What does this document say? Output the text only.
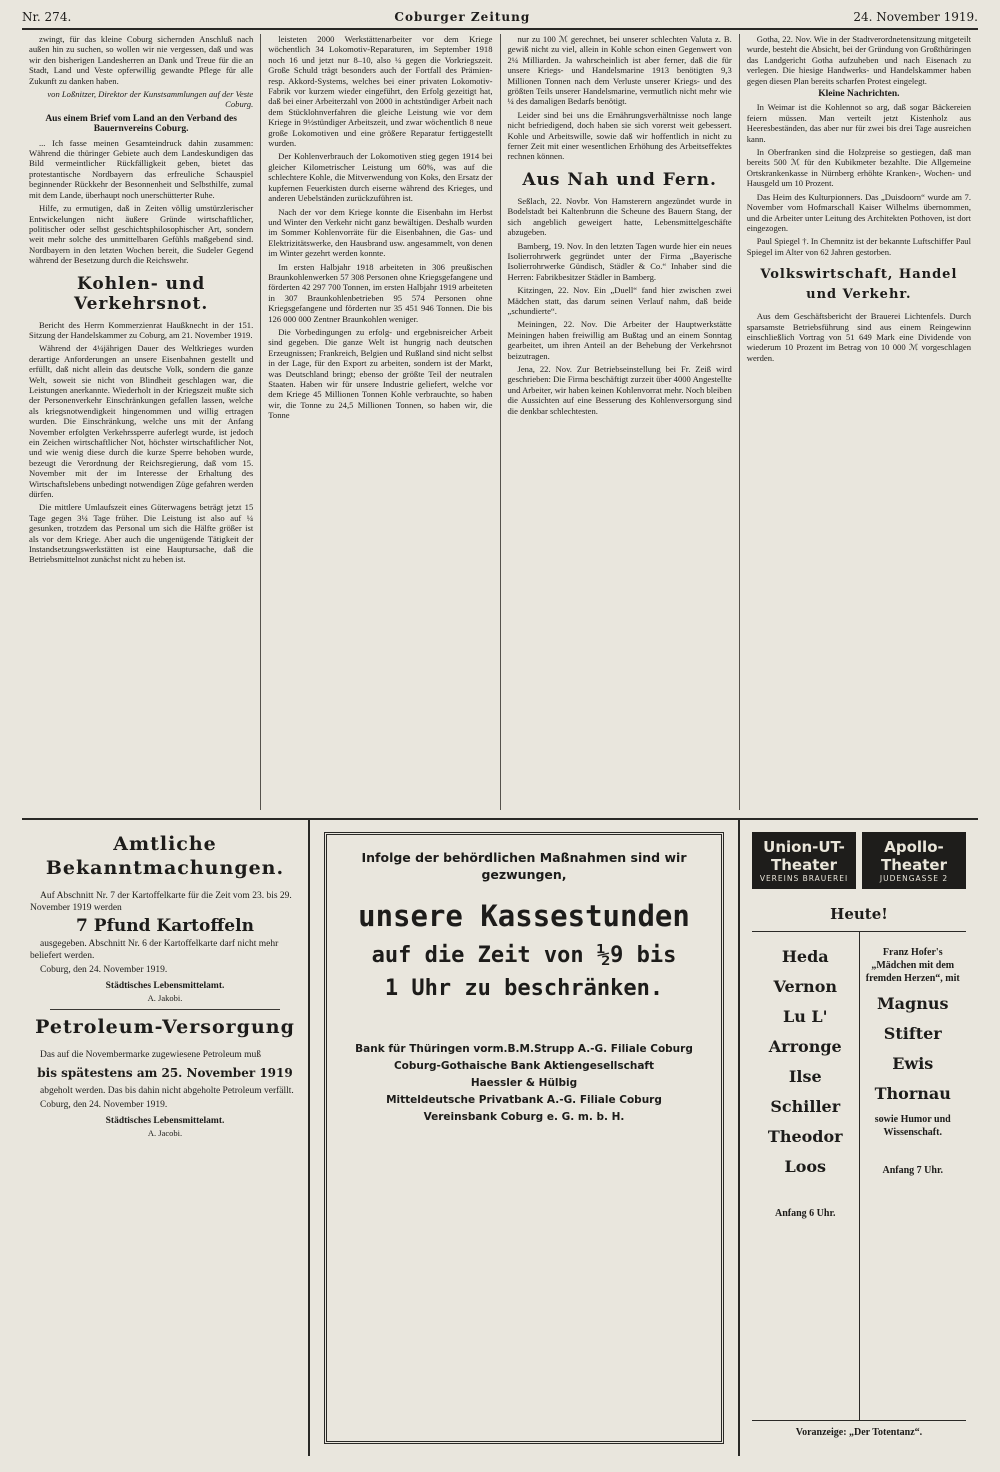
Nr. 274.	Coburger Zeitung	24. November 1919.

zwingt, für das kleine Coburg sichernden Anschluß nach außen hin zu suchen, so wollen wir nie vergessen, daß und was wir den bisherigen Landesherren an Dank und Treue für die an Stadt, Land und Veste opferwillig gewandte Pflege für alle Zukunft zu danken haben.

von Loßnitzer, Direktor der Kunstsammlungen auf der Veste Coburg.
Aus einem Brief vom Land an den Verband des Bauernvereins Coburg.

... Ich fasse meinen Gesamteindruck dahin zusammen: Während die thüringer Gebiete auch dem Landeskundigen das Bild vermeintlicher Rückfälligkeit geben, bietet das protestantische Nordbayern das erfreuliche Schauspiel beginnender Rückkehr der Besonnenheit und Selbsthilfe, zumal mit dem Lande, überhaupt noch unerschütterter Ruhe.

Hilfe, zu ermutigen, daß in Zeiten völlig umstürzlerischer Entwickelungen nicht äußere Gründe wirtschaftlicher, politischer oder selbst geschichtsphilosophischer Art, sondern weit mehr solche des unmittelbaren Gefühls maßgebend sind. Nordbayern in den letzten Wochen bereit, die Sudeler Gegend während der Besetzung durch die Reichswehr.

Kohlen- und Verkehrsnot.

Bericht des Herrn Kommerzienrat Haußknecht in der 151. Sitzung der Handelskammer zu Coburg, am 21. November 1919.

Während der 4¼jährigen Dauer des Weltkrieges wurden derartige Anforderungen an unsere Eisenbahnen gestellt und erfüllt, daß nicht allein das deutsche Volk, sondern die ganze Welt, soweit sie nicht von Blindheit geschlagen war, die Leistungen anerkannte. Wiederholt in der Kriegszeit mußte sich der Personenverkehr Einschränkungen gefallen lassen, welche als kriegsnotwendigkeit hingenommen und willig ertragen wurden. Die Einschränkung, welche uns mit der Anfang November erfolgten Verkehrssperre auferlegt wurde, ist jedoch ein Zeichen wirtschaftlicher Not, höchster wirtschaftlicher Not, und wie wenig diese durch die kurze Sperre behoben wurde, bezeugt die Verordnung der Reichsregierung, daß vom 15. November mit der im Interesse der Erhaltung des Wirtschaftslebens unbedingt notwendigen Züge gefahren werden dürfen.

Die mittlere Umlaufszeit eines Güterwagens beträgt jetzt 15 Tage gegen 3¼ Tage früher. Die Leistung ist also auf ¼ gesunken, trotzdem das Personal um sich die Hälfte größer ist als vor dem Kriege. Aber auch die ungenügende Tätigkeit der Instandsetzungswerkstätten ist eine Hauptursache, daß die Betriebsmittelnot zunächst nicht zu heben ist.

leisteten 2000 Werkstättenarbeiter vor dem Kriege wöchentlich 34 Lokomotiv-Reparaturen, im September 1918 noch 16 und jetzt nur 8–10, also ¼ gegen die Vorkriegszeit. Große Schuld trägt besonders auch der Fortfall des Prämien- resp. Akkord-Systems, welches bei einer privaten Lokomotiv-Fabrik vor kurzem wieder eingeführt, den Erfolg gezeitigt hat, daß bei einer Arbeiterzahl von 2000 in achtstündiger Arbeit nach dem Stücklohnverfahren die gleiche Leistung wie vor dem Kriege in 9½stündiger Arbeitszeit, und zwar wöchentlich 8 neue große Lokomotiven und eine größere Reparatur fertiggestellt wurden.

Der Kohlenverbrauch der Lokomotiven stieg gegen 1914 bei gleicher Kilometrischer Leistung um 60%, was auf die schlechtere Kohle, die Mitverwendung von Koks, den Ersatz der kupfernen Feuerkisten durch eiserne während des Krieges, und anderen Uebelständen zurückzuführen ist.

Nach der vor dem Kriege konnte die Eisenbahn im Herbst und Winter den Verkehr nicht ganz bewältigen. Deshalb wurden im Sommer Kohlenvorräte für die Eisenbahnen, die Gas- und Elektrizitätswerke, den Hausbrand usw. angesammelt, von denen im Winter gezehrt werden konnte.

Im ersten Halbjahr 1918 arbeiteten in 306 preußischen Braunkohlenwerken 57 308 Personen ohne Kriegsgefangene und förderten 42 297 700 Tonnen, im ersten Halbjahr 1919 arbeiteten in 307 Braunkohlenbetrieben 95 574 Personen ohne Kriegsgefangene und förderten nur 35 451 946 Tonnen. Die bis 126 000 000 Zentner Braunkohlen weniger.

Die Vorbedingungen zu erfolg- und ergebnisreicher Arbeit sind gegeben. Die ganze Welt ist hungrig nach deutschen Erzeugnissen; Frankreich, Belgien und Rußland sind nicht selbst in der Lage, für den Export zu arbeiten, sondern ist der Markt, was Deutschland bringt; ebenso der größte Teil der neutralen Staaten. Haben wir für unsere Industrie geliefert, welche vor dem Kriege 45 Millionen Tonnen Kohle verbrauchte, so haben wir, die Tonne zu 24,5 Millionen Tonnen, so haben wir, die Tonne

nur zu 100 ℳ gerechnet, bei unserer schlechten Valuta z. B. gewiß nicht zu viel, allein in Kohle schon einen Gegenwert von 2¼ Milliarden. Ja wahrscheinlich ist aber ferner, daß die für unsere Kriegs- und Handelsmarine 1913 benötigten 9,3 Millionen Tonnen nach dem Verluste unserer Kriegs- und des größten Teils unserer Handelsmarine, vermutlich nicht mehr wie ¼ des damaligen Bedarfs benötigt.

Leider sind bei uns die Ernährungsverhältnisse noch lange nicht befriedigend, doch haben sie sich vorerst weit gebessert. Kohle und Arbeitswille, sowie daß wir hoffentlich in nicht zu ferner Zeit mit einer wesentlichen Erhöhung des Arbeitseffektes rechnen können.

Aus Nah und Fern.

Seßlach, 22. Novbr. Von Hamsterern angezündet wurde in Bodelstadt bei Kaltenbrunn die Scheune des Bauern Stang, der sich angeblich geweigert hatte, Lebensmittelgeschäfte abzugeben.

Bamberg, 19. Nov. In den letzten Tagen wurde hier ein neues Isolierrohrwerk gegründet unter der Firma „Bayerische Isolierrohrwerke Gündisch, Städler & Co.“ Inhaber sind die Herren: Fabrikbesitzer Städler in Bamberg.

Kitzingen, 22. Nov. Ein „Duell“ fand hier zwischen zwei Mädchen statt, das darum seinen Verlauf nahm, daß beide „schundierte“.

Meiningen, 22. Nov. Die Arbeiter der Hauptwerkstätte Meiningen haben freiwillig am Bußtag und an einem Sonntag gearbeitet, um ihren Anteil an der Behebung der Verkehrsnot beizutragen.

Jena, 22. Nov. Zur Betriebseinstellung bei Fr. Zeiß wird geschrieben: Die Firma beschäftigt zurzeit über 4000 Angestellte und Arbeiter, wir haben keinen Kohlenvorrat mehr. Noch bleiben die Aussichten auf eine Besserung des Kohlenversorgung sind die denkbar schlechtesten.

Gotha, 22. Nov. Wie in der Stadtverordnetensitzung mitgeteilt wurde, besteht die Absicht, bei der Gründung von Großthüringen das Landgericht Gotha aufzuheben und nach Eisenach zu verlegen. Die hiesige Handwerks- und Handelskammer haben gegen diesen Plan bereits scharfen Protest eingelegt.

Kleine Nachrichten.

In Weimar ist die Kohlennot so arg, daß sogar Bäckereien feiern müssen. Man verteilt jetzt Kistenholz aus Heeresbeständen, das aber nur für zwei bis drei Tage ausreichen kann.

In Oberfranken sind die Holzpreise so gestiegen, daß man bereits 500 ℳ für den Kubikmeter bezahlte. Die Allgemeine Ortskrankenkasse in Nürnberg erhöhte Kranken-, Wochen- und Hausgeld um 10 Prozent.

Das Heim des Kulturpionners. Das „Duisdoorn“ wurde am 7. November vom Hofmarschall Kaiser Wilhelms übernommen, und die Arbeiter unter Leitung des Architekten Pothoven, ist dort eingezogen.

Paul Spiegel †. In Chemnitz ist der bekannte Luftschiffer Paul Spiegel im Alter von 62 Jahren gestorben.

Volkswirtschaft, Handel und Verkehr.

Aus dem Geschäftsbericht der Brauerei Lichtenfels. Durch sparsamste Betriebsführung sind aus einem Reingewinn einschließlich Vortrag von 51 649 Mark eine Dividende von wiederum 10 Prozent im Betrag von 10 000 ℳ vorgeschlagen werden.

Amtliche Bekanntmachungen.

Auf Abschnitt Nr. 7 der Kartoffelkarte für die Zeit vom 23. bis 29. November 1919 werden

7 Pfund Kartoffeln

ausgegeben. Abschnitt Nr. 6 der Kartoffelkarte darf nicht mehr beliefert werden.

Coburg, den 24. November 1919.

Städtisches Lebensmittelamt.
A. Jakobi.
Petroleum-Versorgung

Das auf die Novembermarke zugewiesene Petroleum muß

bis spätestens am 25. November 1919

abgeholt werden. Das bis dahin nicht abgeholte Petroleum verfällt.

Coburg, den 24. November 1919.

Städtisches Lebensmittelamt.
A. Jacobi.
Infolge der behördlichen Maßnahmen sind wir gezwungen,
unsere Kassestunden
auf die Zeit von ½9 bis
1 Uhr zu beschränken.
Bank für Thüringen vorm.B.M.Strupp A.-G. Filiale Coburg
Coburg-Gothaische Bank Aktiengesellschaft
Haessler & Hülbig
Mitteldeutsche Privatbank A.-G. Filiale Coburg
Vereinsbank Coburg e. G. m. b. H.
Union-UT-Theater
VEREINS BRAUEREI
Apollo-Theater
JUDENGASSE 2
Heute!
Heda Vernon
Lu L' Arronge
Ilse Schiller
Theodor Loos
Anfang 6 Uhr.
Franz Hofer's „Mädchen mit dem fremden Herzen“, mit
Magnus Stifter
Ewis Thornau
sowie Humor und Wissenschaft.
Anfang 7 Uhr.
Voranzeige: „Der Totentanz“.
